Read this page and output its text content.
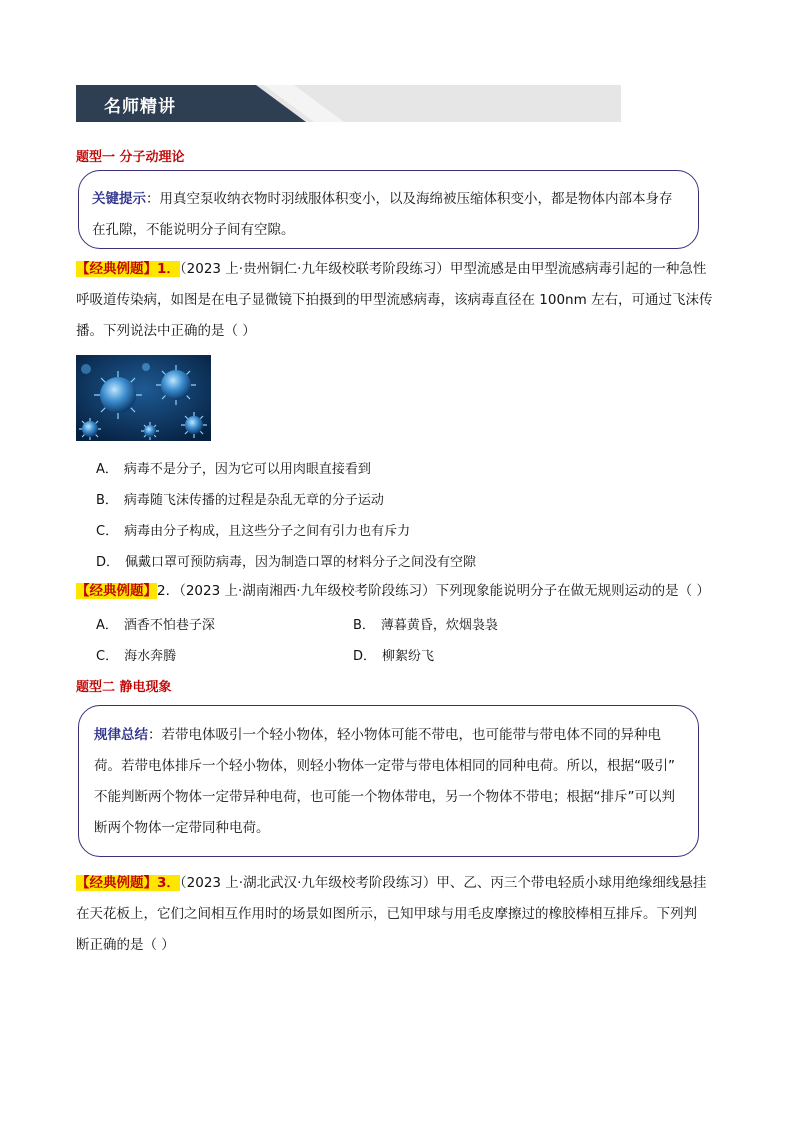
名师精讲
题型一 分子动理论

关键提示：用真空泵收纳衣物时羽绒服体积变小，以及海绵被压缩体积变小，都是物体内部本身存

在孔隙，不能说明分子间有空隙。

【经典例题】1．（2023 上·贵州铜仁·九年级校联考阶段练习）甲型流感是由甲型流感病毒引起的一种急性
呼吸道传染病，如图是在电子显微镜下拍摄到的甲型流感病毒，该病毒直径在 100nm 左右，可通过飞沫传
播。下列说法中正确的是（ ）
A． 病毒不是分子，因为它可以用肉眼直接看到
B． 病毒随飞沫传播的过程是杂乱无章的分子运动
C． 病毒由分子构成，且这些分子之间有引力也有斥力
D． 佩戴口罩可预防病毒，因为制造口罩的材料分子之间没有空隙
【经典例题】2．（2023 上·湖南湘西·九年级校考阶段练习）下列现象能说明分子在做无规则运动的是（ ）
A． 酒香不怕巷子深	B． 薄暮黄昏，炊烟袅袅
C． 海水奔腾	D． 柳絮纷飞
题型二 静电现象

规律总结：若带电体吸引一个轻小物体，轻小物体可能不带电，也可能带与带电体不同的异种电

荷。若带电体排斥一个轻小物体，则轻小物体一定带与带电体相同的同种电荷。所以，根据“吸引”

不能判断两个物体一定带异种电荷，也可能一个物体带电，另一个物体不带电；根据“排斥”可以判

断两个物体一定带同种电荷。

【经典例题】3．（2023 上·湖北武汉·九年级校考阶段练习）甲、乙、丙三个带电轻质小球用绝缘细线悬挂
在天花板上，它们之间相互作用时的场景如图所示，已知甲球与用毛皮摩擦过的橡胶棒相互排斥。下列判
断正确的是（ ）
